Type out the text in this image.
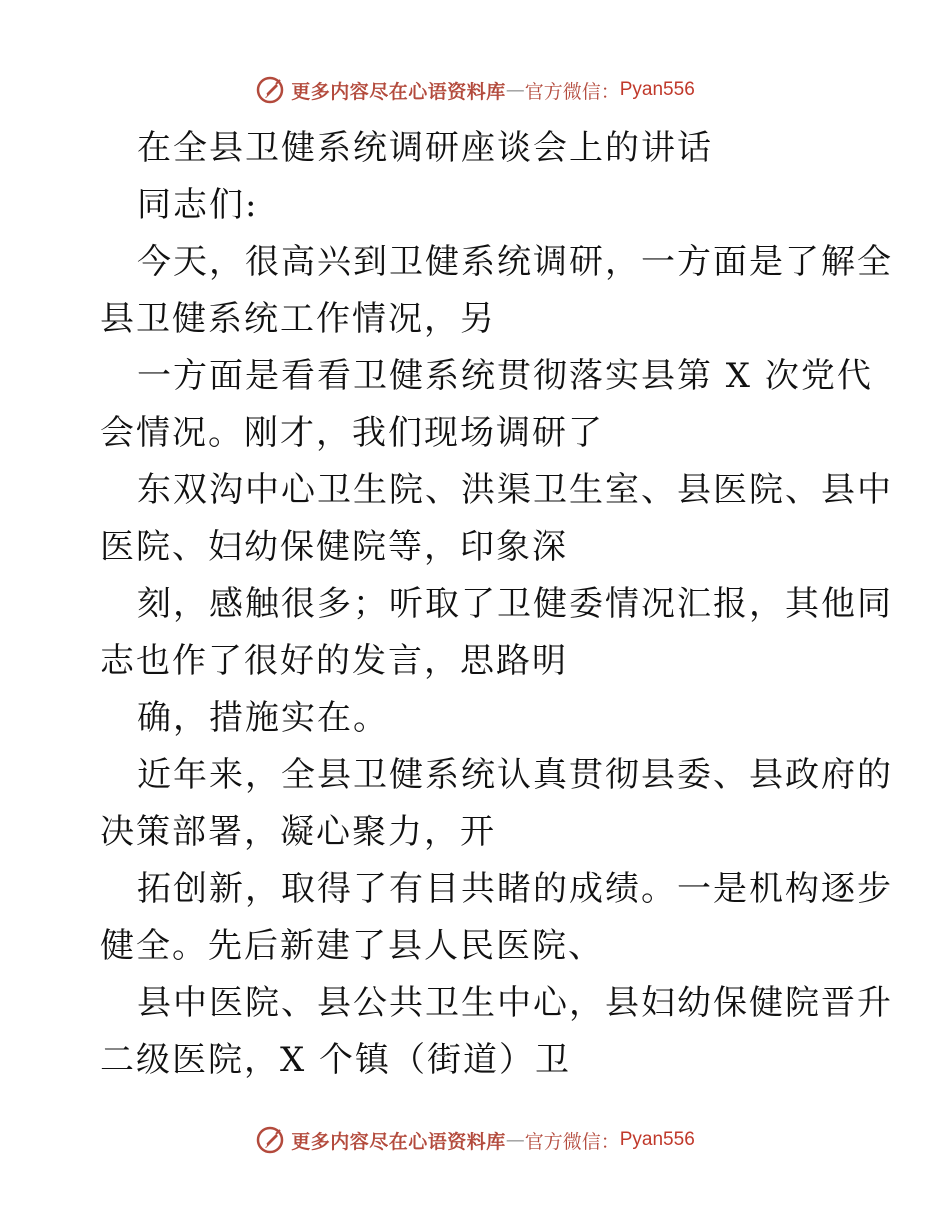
更多内容尽在心语资料库 — 官方微信： Pyan556
在全县卫健系统调研座谈会上的讲话
同志们:
今天，很高兴到卫健系统调研，一方面是了解全
县卫健系统工作情况，另
一方面是看看卫健系统贯彻落实县第 X 次党代
会情况。刚才，我们现场调研了
东双沟中心卫生院、洪渠卫生室、县医院、县中
医院、妇幼保健院等，印象深
刻，感触很多；听取了卫健委情况汇报，其他同
志也作了很好的发言，思路明
确，措施实在。
近年来，全县卫健系统认真贯彻县委、县政府的
决策部署，凝心聚力，开
拓创新，取得了有目共睹的成绩。一是机构逐步
健全。先后新建了县人民医院、
县中医院、县公共卫生中心，县妇幼保健院晋升
二级医院，X 个镇（街道）卫
更多内容尽在心语资料库 — 官方微信： Pyan556
